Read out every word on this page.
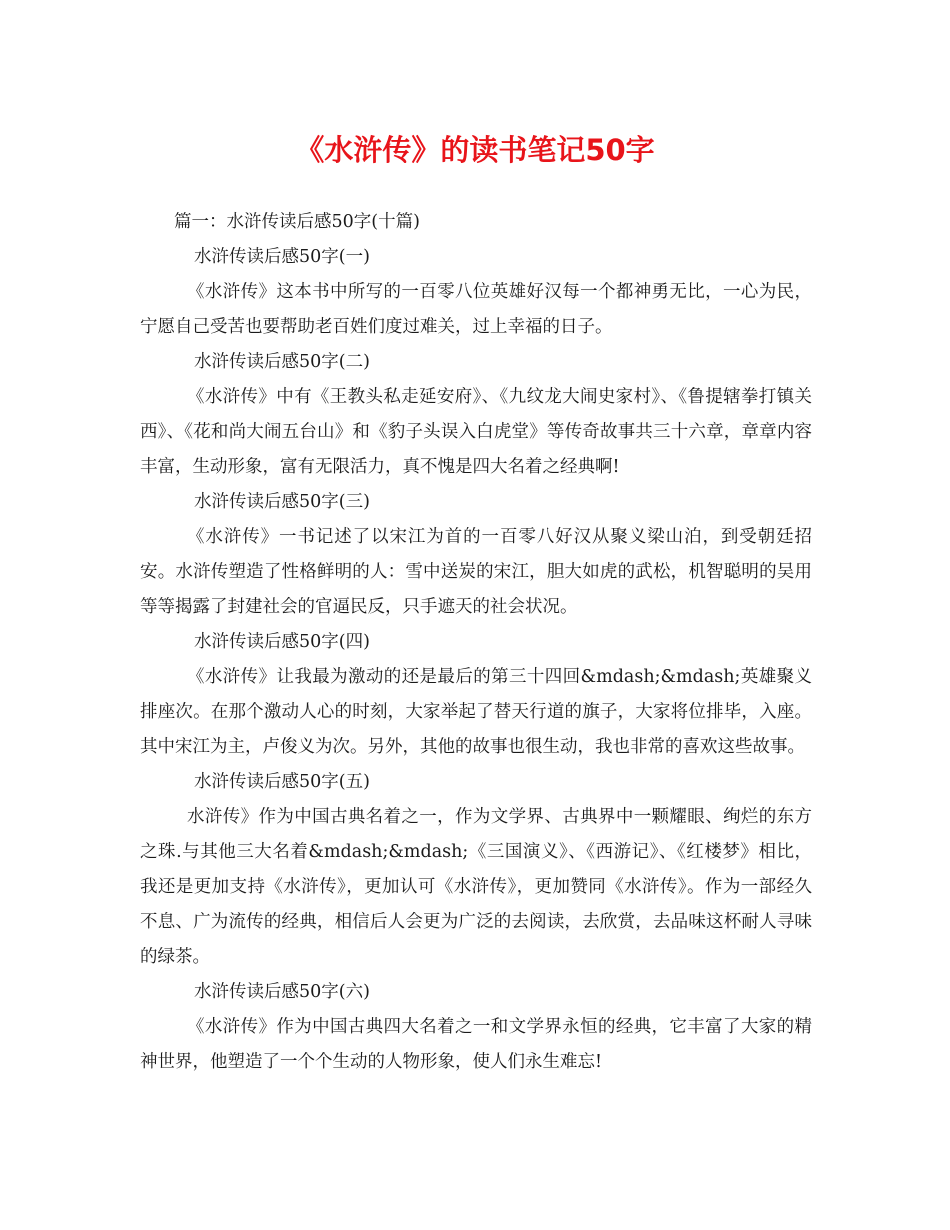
《水浒传》的读书笔记50字

篇一：水浒传读后感50字(十篇)

水浒传读后感50字(一)

《水浒传》这本书中所写的一百零八位英雄好汉每一个都神勇无比，一心为民，宁愿自己受苦也要帮助老百姓们度过难关，过上幸福的日子。

水浒传读后感50字(二)

《水浒传》中有《王教头私走延安府》、《九纹龙大闹史家村》、《鲁提辖拳打镇关西》、《花和尚大闹五台山》和《豹子头误入白虎堂》等传奇故事共三十六章，章章内容丰富，生动形象，富有无限活力，真不愧是四大名着之经典啊!

水浒传读后感50字(三)

《水浒传》一书记述了以宋江为首的一百零八好汉从聚义梁山泊，到受朝廷招安。水浒传塑造了性格鲜明的人：雪中送炭的宋江，胆大如虎的武松，机智聪明的吴用等等揭露了封建社会的官逼民反，只手遮天的社会状况。

水浒传读后感50字(四)

《水浒传》让我最为激动的还是最后的第三十四回&mdash;&mdash;英雄聚义排座次。在那个激动人心的时刻，大家举起了替天行道的旗子，大家将位排毕，入座。其中宋江为主，卢俊义为次。另外，其他的故事也很生动，我也非常的喜欢这些故事。

水浒传读后感50字(五)

水浒传》作为中国古典名着之一，作为文学界、古典界中一颗耀眼、绚烂的东方之珠.与其他三大名着&mdash;&mdash;《三国演义》、《西游记》、《红楼梦》相比，我还是更加支持《水浒传》，更加认可《水浒传》，更加赞同《水浒传》。作为一部经久不息、广为流传的经典，相信后人会更为广泛的去阅读，去欣赏，去品味这杯耐人寻味的绿茶。

水浒传读后感50字(六)

《水浒传》作为中国古典四大名着之一和文学界永恒的经典，它丰富了大家的精神世界，他塑造了一个个生动的人物形象，使人们永生难忘!
